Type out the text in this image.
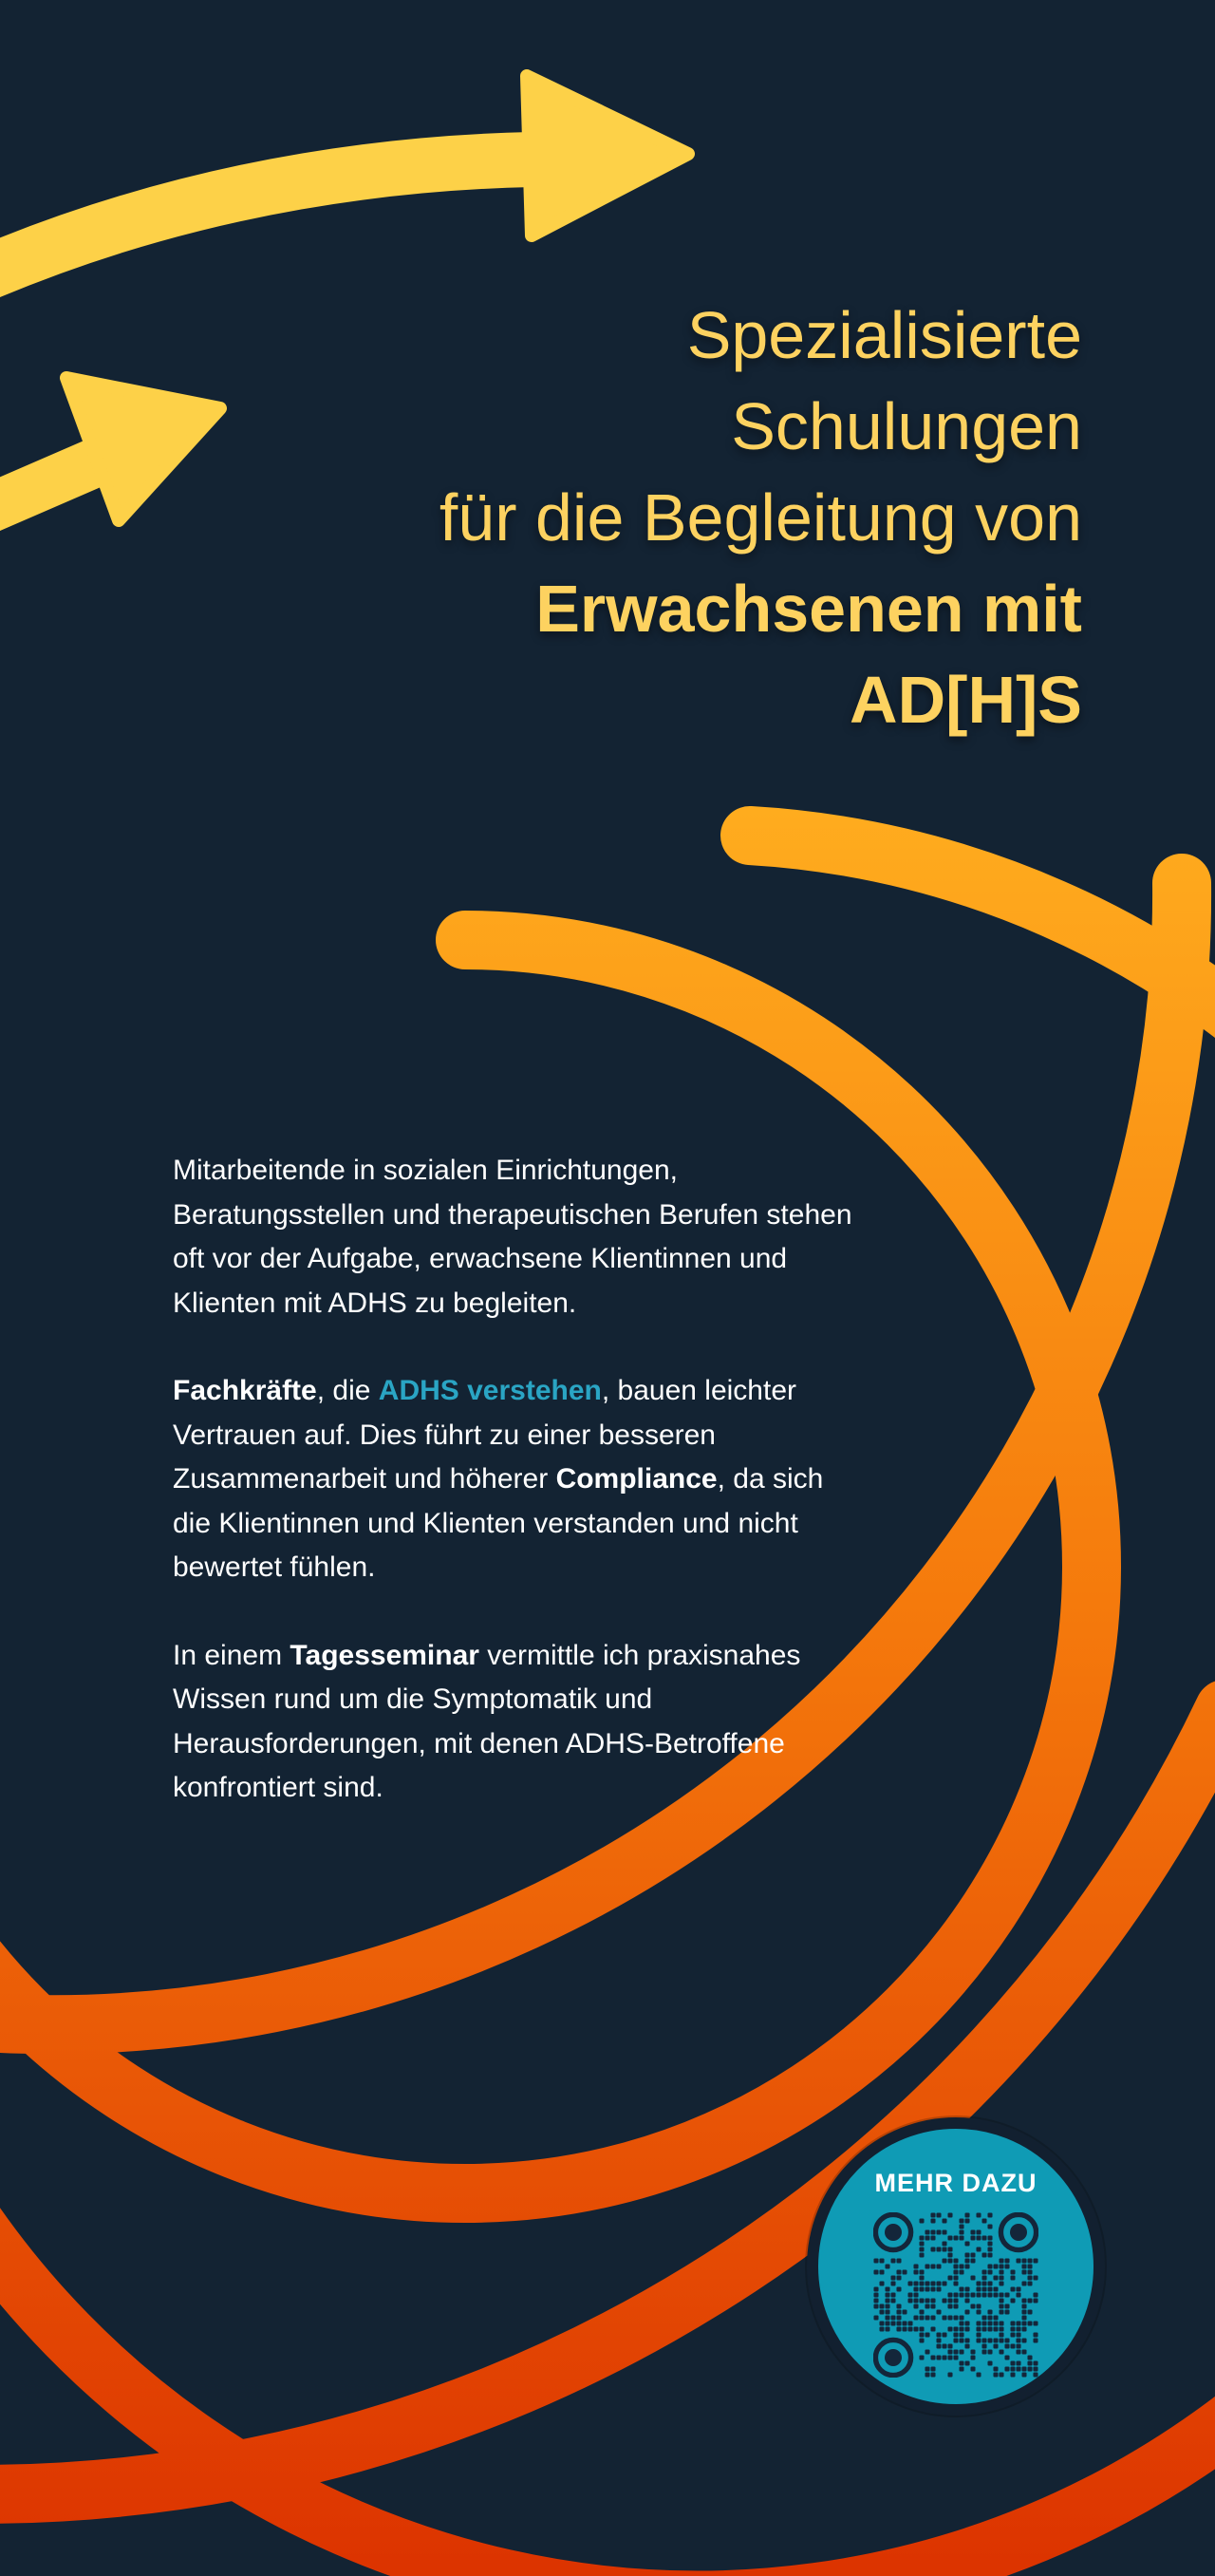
Spezialisierte
Schulungen
für die Begleitung von
Erwachsenen mit
AD[H]S

Mitarbeitende in sozialen Einrichtungen, Beratungsstellen und therapeutischen Berufen stehen oft vor der Aufgabe, erwachsene Klientinnen und Klienten mit ADHS zu begleiten.

Fachkräfte, die ADHS verstehen, bauen leichter Vertrauen auf. Dies führt zu einer besseren Zusammenarbeit und höherer Compliance, da sich die Klientinnen und Klienten verstanden und nicht bewertet fühlen.

In einem Tagesseminar vermittle ich praxisnahes Wissen rund um die Symptomatik und Herausforderungen, mit denen ADHS-Betroffene konfrontiert sind.

MEHR DAZU
